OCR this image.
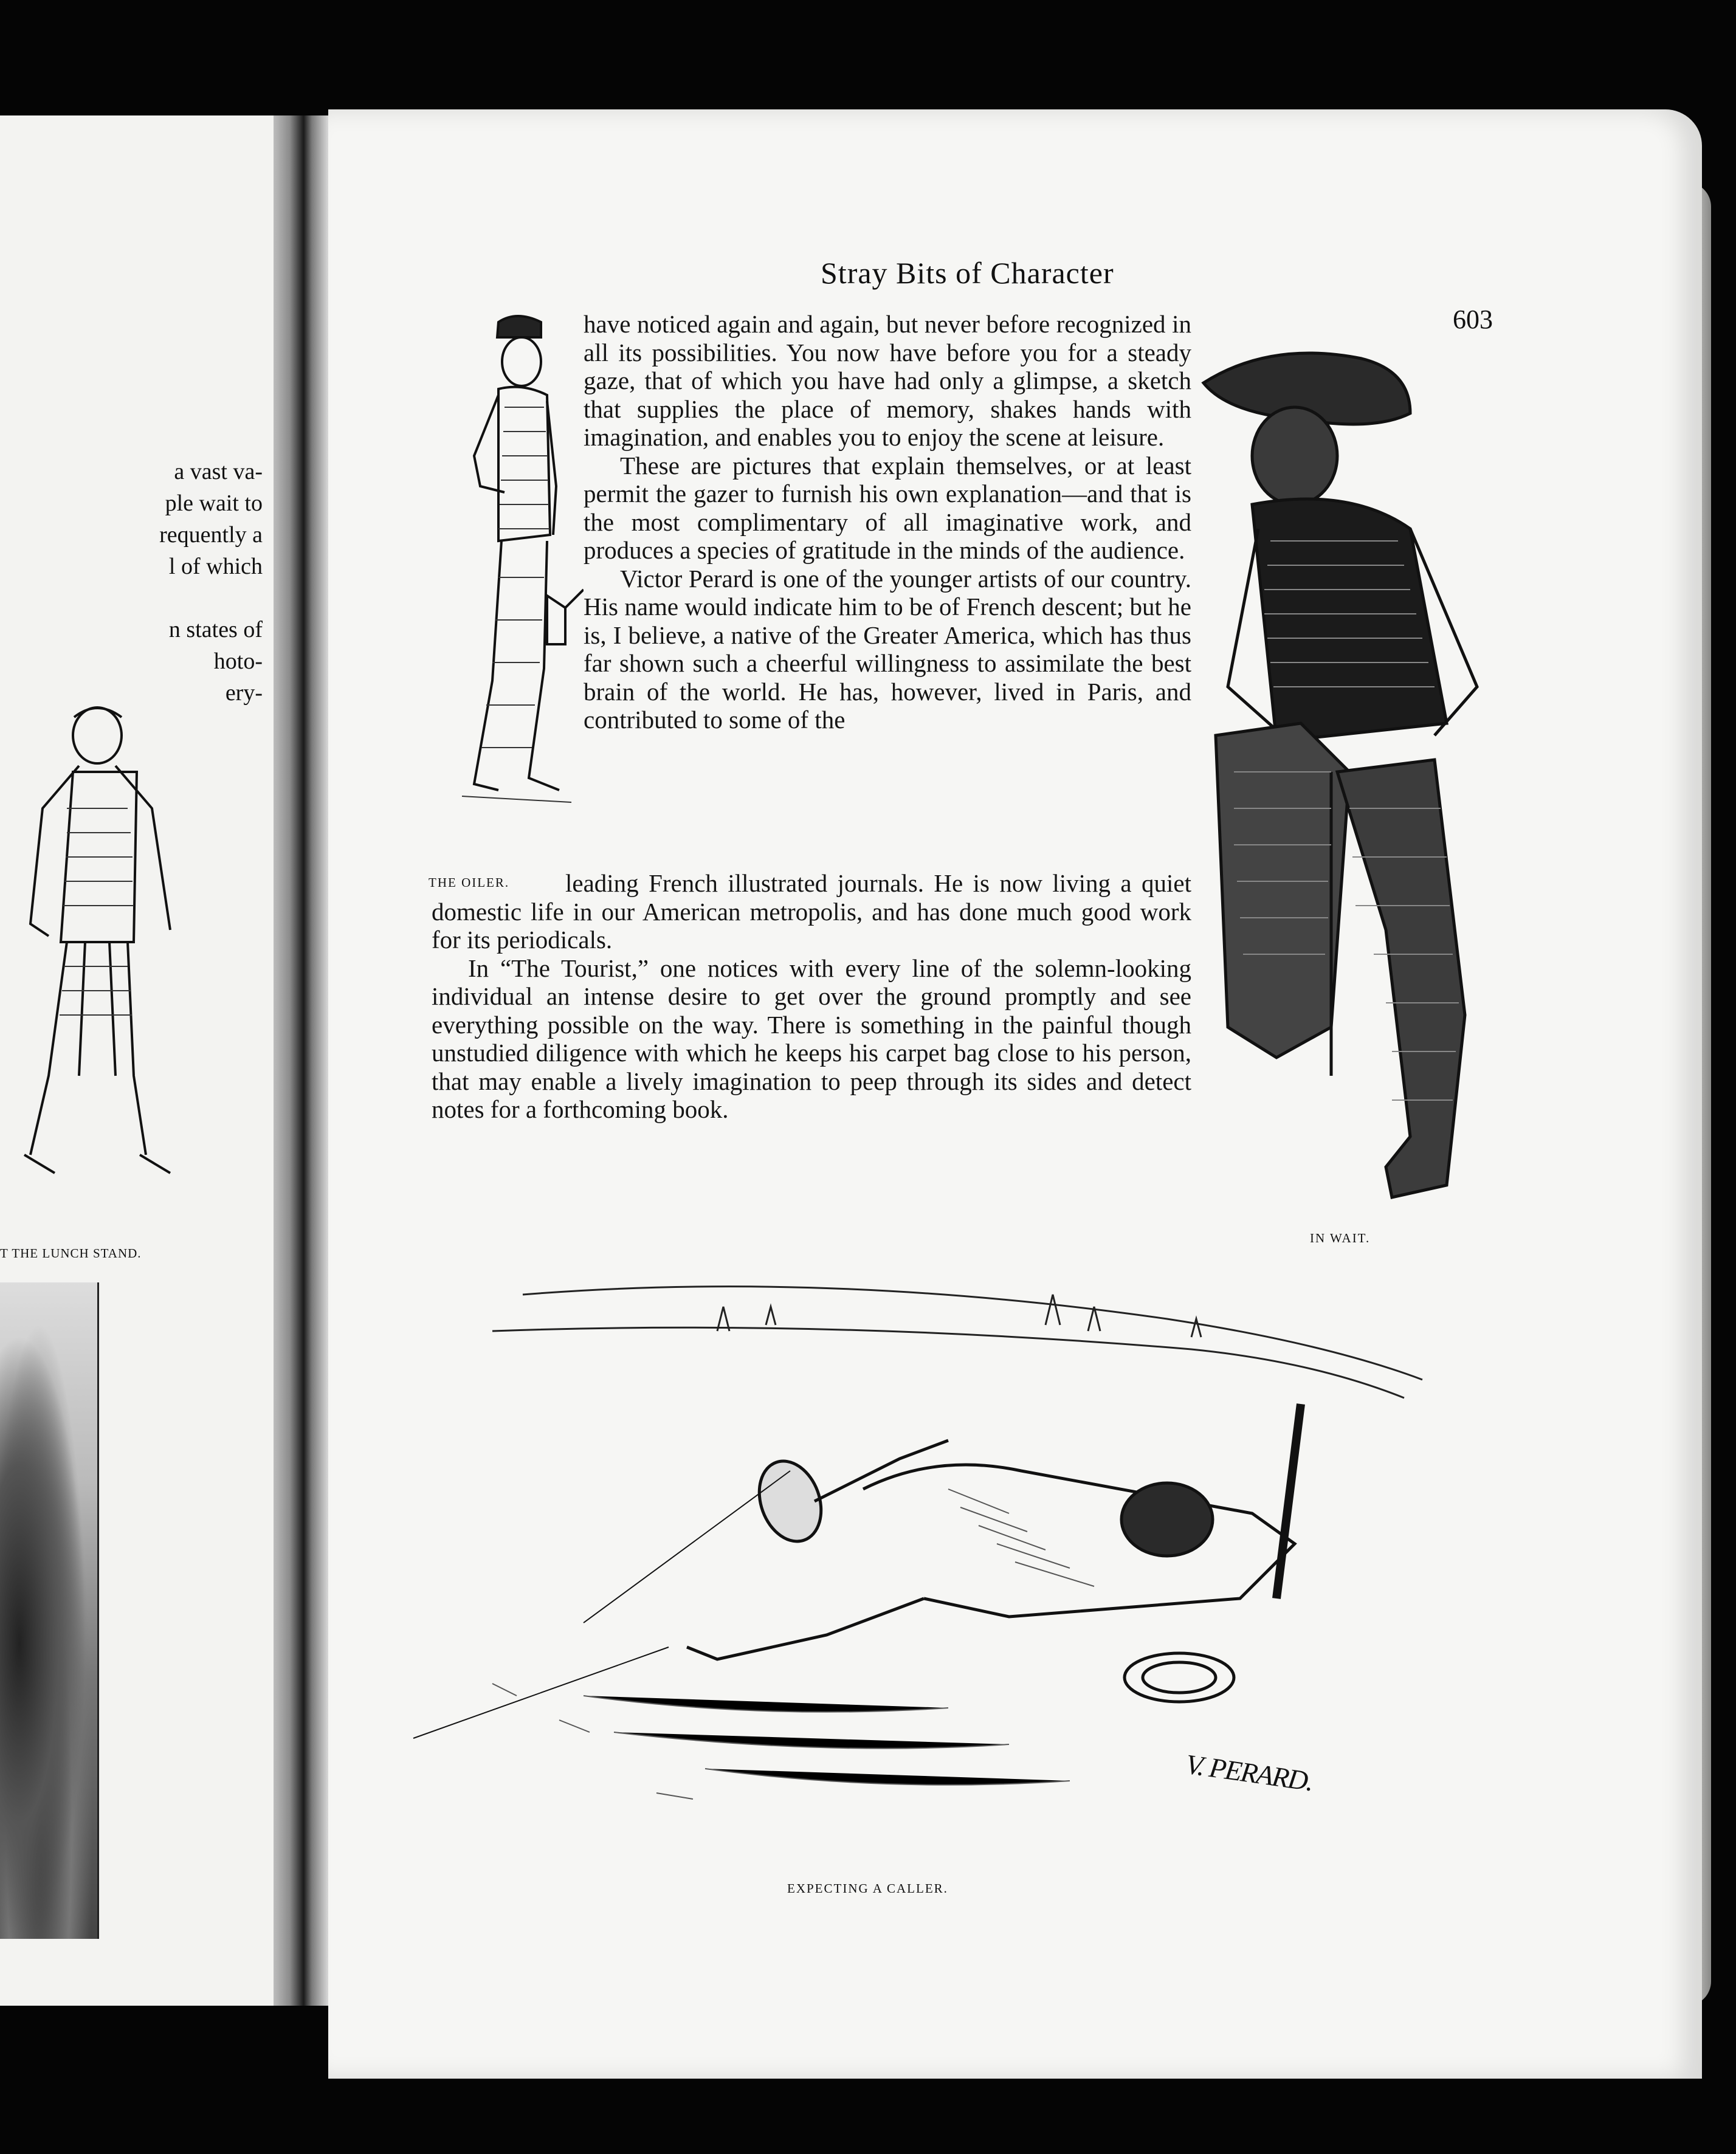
a vast va-
ple wait to
requently a
l of which
n states of
hoto-
ery-
T THE LUNCH STAND.
Stray Bits of Character
603
THE OILER.
IN WAIT.

have noticed again and again, but never before recognized in all its possibilities. You now have before you for a steady gaze, that of which you have had only a glimpse, a sketch that supplies the place of memory, shakes hands with imagination, and enables you to enjoy the scene at leisure.

These are pictures that explain themselves, or at least permit the gazer to furnish his own explanation—and that is the most complimentary of all imaginative work, and produces a species of gratitude in the minds of the audience.

Victor Perard is one of the younger artists of our country. His name would indicate him to be of French descent; but he is, I believe, a native of the Greater America, which has thus far shown such a cheerful willingness to assimilate the best brain of the world. He has, however, lived in Paris, and contributed to some of the

leading French illustrated journals. He is now living a quiet domestic life in our American metropolis, and has done much good work for its periodicals.

In “The Tourist,” one notices with every line of the solemn-looking individual an intense desire to get over the ground promptly and see everything possible on the way. There is something in the painful though unstudied diligence with which he keeps his carpet bag close to his person, that may enable a lively imagination to peep through its sides and detect notes for a forthcoming book.

V. PERARD.
EXPECTING A CALLER.
